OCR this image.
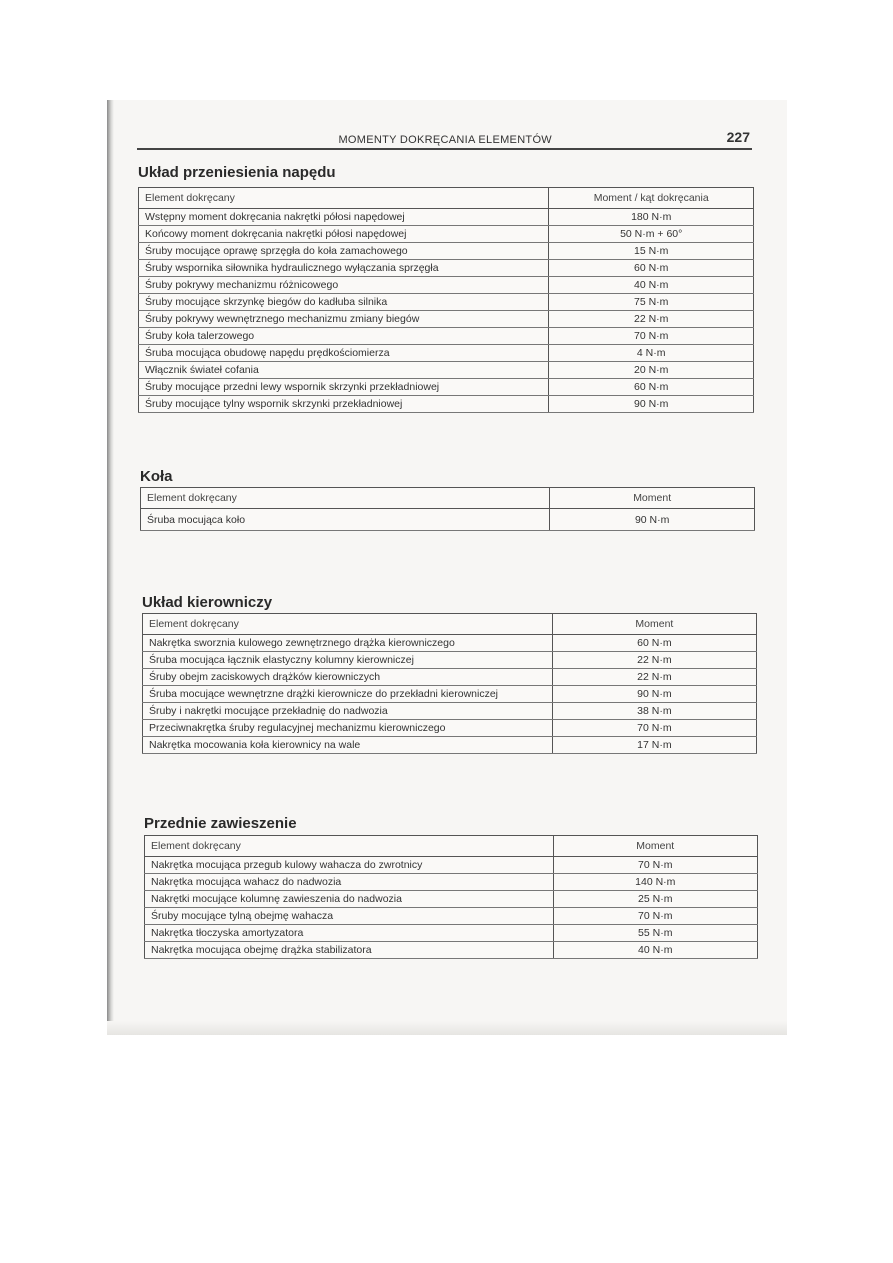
MOMENTY DOKRĘCANIA ELEMENTÓW	227
Układ przeniesienia napędu
Element dokręcany	Moment / kąt dokręcania
Wstępny moment dokręcania nakrętki półosi napędowej	180 N·m
Końcowy moment dokręcania nakrętki półosi napędowej	50 N·m + 60°
Śruby mocujące oprawę sprzęgła do koła zamachowego	15 N·m
Śruby wspornika siłownika hydraulicznego wyłączania sprzęgła	60 N·m
Śruby pokrywy mechanizmu różnicowego	40 N·m
Śruby mocujące skrzynkę biegów do kadłuba silnika	75 N·m
Śruby pokrywy wewnętrznego mechanizmu zmiany biegów	22 N·m
Śruby koła talerzowego	70 N·m
Śruba mocująca obudowę napędu prędkościomierza	4 N·m
Włącznik świateł cofania	20 N·m
Śruby mocujące przedni lewy wspornik skrzynki przekładniowej	60 N·m
Śruby mocujące tylny wspornik skrzynki przekładniowej	90 N·m
Koła
Element dokręcany	Moment
Śruba mocująca koło	90 N·m
Układ kierowniczy
Element dokręcany	Moment
Nakrętka sworznia kulowego zewnętrznego drążka kierowniczego	60 N·m
Śruba mocująca łącznik elastyczny kolumny kierowniczej	22 N·m
Śruby obejm zaciskowych drążków kierowniczych	22 N·m
Śruba mocujące wewnętrzne drążki kierownicze do przekładni kierowniczej	90 N·m
Śruby i nakrętki mocujące przekładnię do nadwozia	38 N·m
Przeciwnakrętka śruby regulacyjnej mechanizmu kierowniczego	70 N·m
Nakrętka mocowania koła kierownicy na wale	17 N·m
Przednie zawieszenie
Element dokręcany	Moment
Nakrętka mocująca przegub kulowy wahacza do zwrotnicy	70 N·m
Nakrętka mocująca wahacz do nadwozia	140 N·m
Nakrętki mocujące kolumnę zawieszenia do nadwozia	25 N·m
Śruby mocujące tylną obejmę wahacza	70 N·m
Nakrętka tłoczyska amortyzatora	55 N·m
Nakrętka mocująca obejmę drążka stabilizatora	40 N·m
